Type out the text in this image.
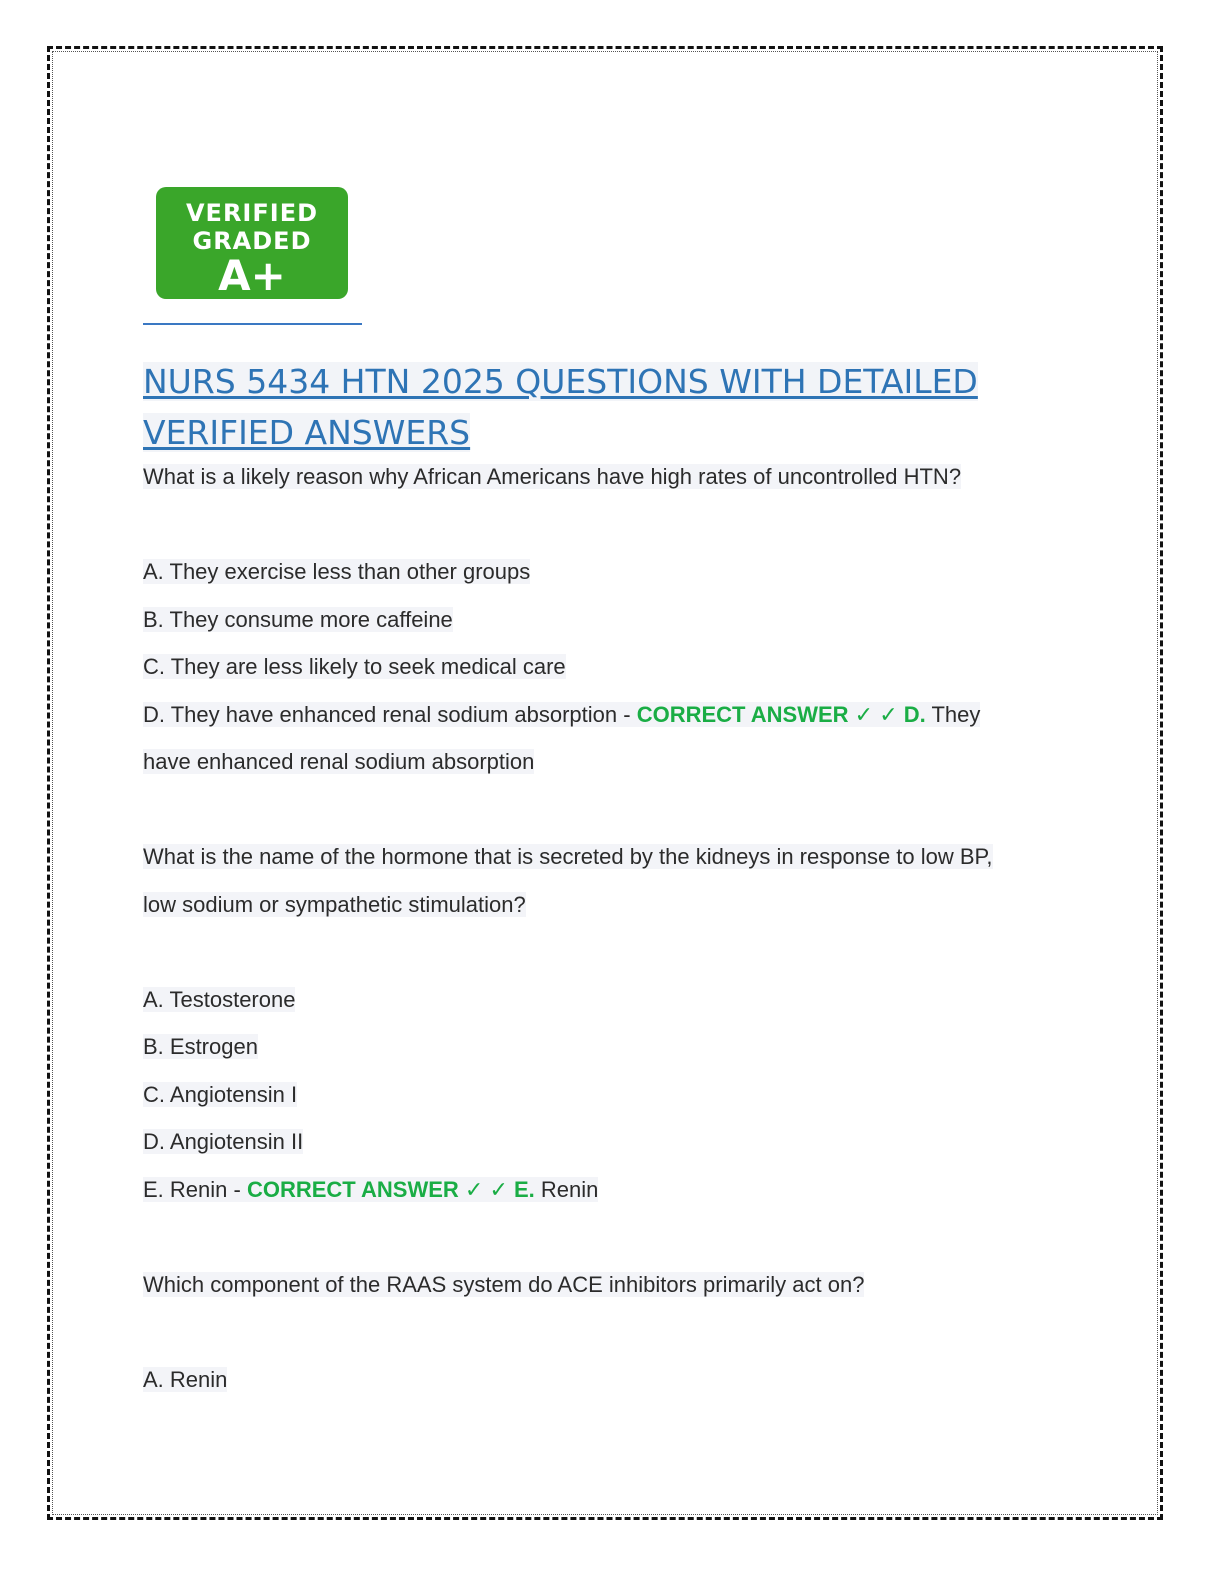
VERIFIED
GRADED
A+
NURS 5434 HTN 2025 QUESTIONS WITH DETAILED
VERIFIED ANSWERS

What is a likely reason why African Americans have high rates of uncontrolled HTN?

A. They exercise less than other groups

B. They consume more caffeine

C. They are less likely to seek medical care

D. They have enhanced renal sodium absorption - CORRECT ANSWER ✓ ✓ D. They

have enhanced renal sodium absorption

What is the name of the hormone that is secreted by the kidneys in response to low BP,

low sodium or sympathetic stimulation?

A. Testosterone

B. Estrogen

C. Angiotensin I

D. Angiotensin II

E. Renin - CORRECT ANSWER ✓ ✓ E. Renin

Which component of the RAAS system do ACE inhibitors primarily act on?

A. Renin
